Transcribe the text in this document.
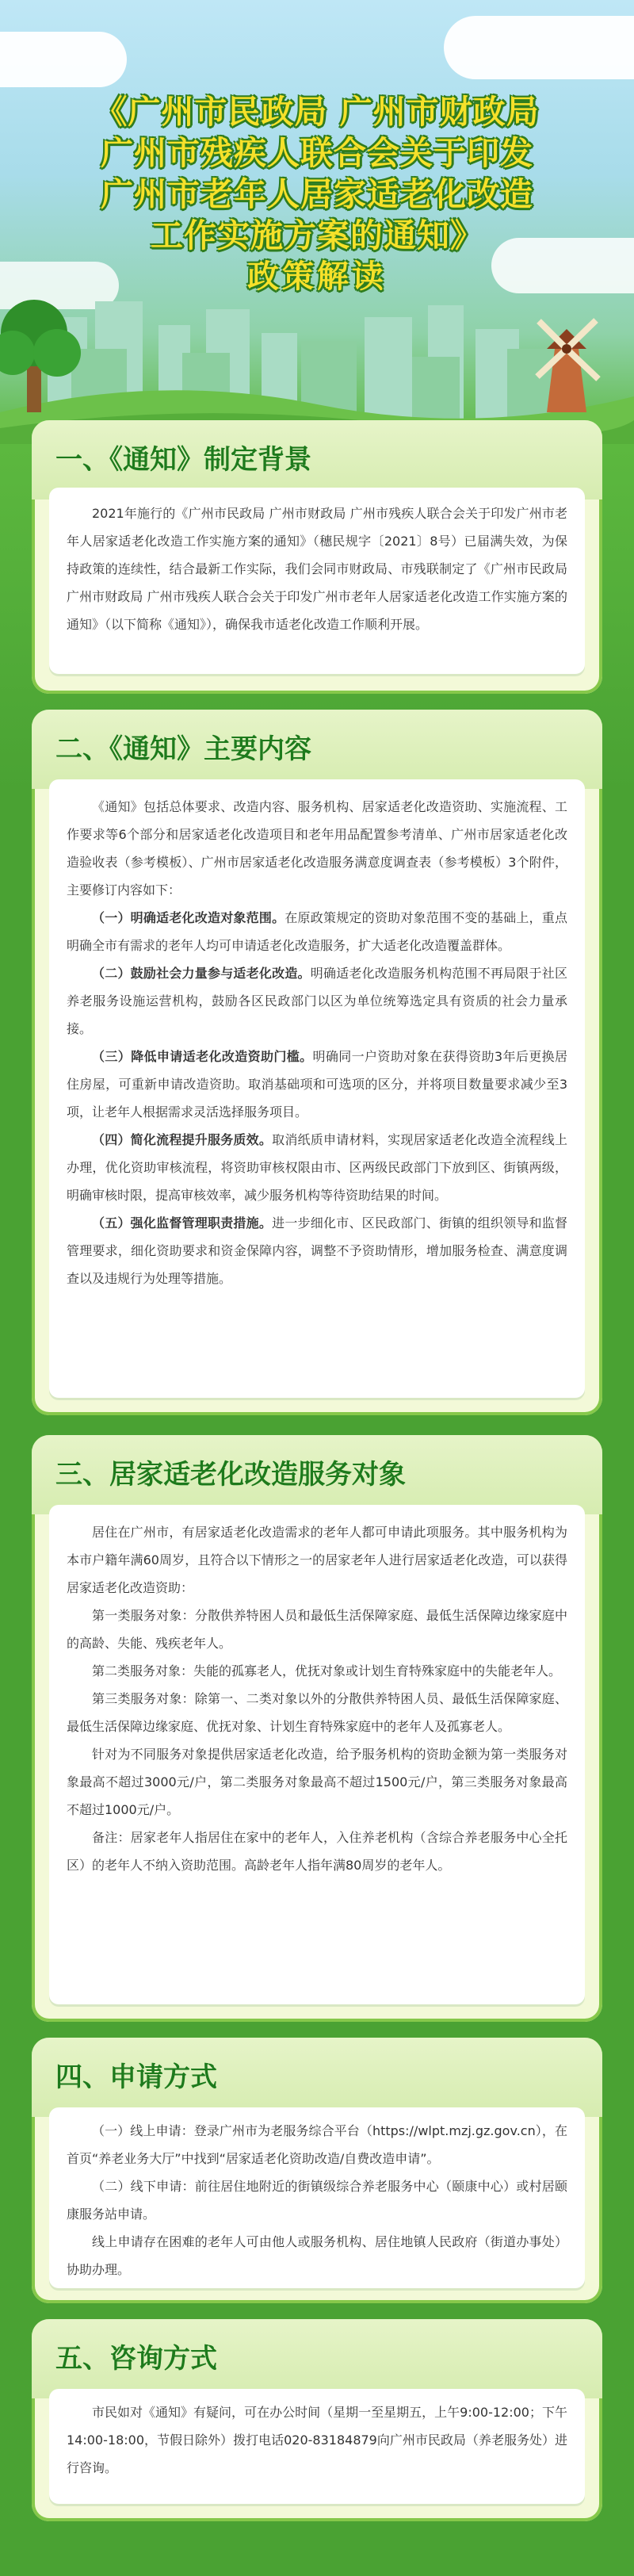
《广州市民政局 广州市财政局
广州市残疾人联合会关于印发
广州市老年人居家适老化改造
工作实施方案的通知》
政策解读
一、《通知》制定背景

2021年施行的《广州市民政局 广州市财政局 广州市残疾人联合会关于印发广州市老年人居家适老化改造工作实施方案的通知》（穗民规字〔2021〕8号）已届满失效，为保持政策的连续性，结合最新工作实际，我们会同市财政局、市残联制定了《广州市民政局 广州市财政局 广州市残疾人联合会关于印发广州市老年人居家适老化改造工作实施方案的通知》（以下简称《通知》），确保我市适老化改造工作顺利开展。

二、《通知》主要内容

《通知》包括总体要求、改造内容、服务机构、居家适老化改造资助、实施流程、工作要求等6个部分和居家适老化改造项目和老年用品配置参考清单、广州市居家适老化改造验收表（参考模板）、广州市居家适老化改造服务满意度调查表（参考模板）3个附件，主要修订内容如下：

（一）明确适老化改造对象范围。在原政策规定的资助对象范围不变的基础上，重点明确全市有需求的老年人均可申请适老化改造服务，扩大适老化改造覆盖群体。

（二）鼓励社会力量参与适老化改造。明确适老化改造服务机构范围不再局限于社区养老服务设施运营机构，鼓励各区民政部门以区为单位统筹选定具有资质的社会力量承接。

（三）降低申请适老化改造资助门槛。明确同一户资助对象在获得资助3年后更换居住房屋，可重新申请改造资助。取消基础项和可选项的区分，并将项目数量要求减少至3项，让老年人根据需求灵活选择服务项目。

（四）简化流程提升服务质效。取消纸质申请材料，实现居家适老化改造全流程线上办理，优化资助审核流程，将资助审核权限由市、区两级民政部门下放到区、街镇两级，明确审核时限，提高审核效率，减少服务机构等待资助结果的时间。

（五）强化监督管理职责措施。进一步细化市、区民政部门、街镇的组织领导和监督管理要求，细化资助要求和资金保障内容，调整不予资助情形，增加服务检查、满意度调查以及违规行为处理等措施。

三、居家适老化改造服务对象

居住在广州市，有居家适老化改造需求的老年人都可申请此项服务。其中服务机构为本市户籍年满60周岁，且符合以下情形之一的居家老年人进行居家适老化改造，可以获得居家适老化改造资助：

第一类服务对象：分散供养特困人员和最低生活保障家庭、最低生活保障边缘家庭中的高龄、失能、残疾老年人。

第二类服务对象：失能的孤寡老人，优抚对象或计划生育特殊家庭中的失能老年人。

第三类服务对象：除第一、二类对象以外的分散供养特困人员、最低生活保障家庭、最低生活保障边缘家庭、优抚对象、计划生育特殊家庭中的老年人及孤寡老人。

针对为不同服务对象提供居家适老化改造，给予服务机构的资助金额为第一类服务对象最高不超过3000元/户，第二类服务对象最高不超过1500元/户，第三类服务对象最高不超过1000元/户。

备注：居家老年人指居住在家中的老年人，入住养老机构（含综合养老服务中心全托区）的老年人不纳入资助范围。高龄老年人指年满80周岁的老年人。

四、申请方式

（一）线上申请：登录广州市为老服务综合平台（https://wlpt.mzj.gz.gov.cn），在首页“养老业务大厅”中找到“居家适老化资助改造/自费改造申请”。

（二）线下申请：前往居住地附近的街镇级综合养老服务中心（颐康中心）或村居颐康服务站申请。

线上申请存在困难的老年人可由他人或服务机构、居住地镇人民政府（街道办事处）协助办理。

五、咨询方式

市民如对《通知》有疑问，可在办公时间（星期一至星期五，上午9:00-12:00；下午14:00-18:00，节假日除外）拨打电话020-83184879向广州市民政局（养老服务处）进行咨询。
